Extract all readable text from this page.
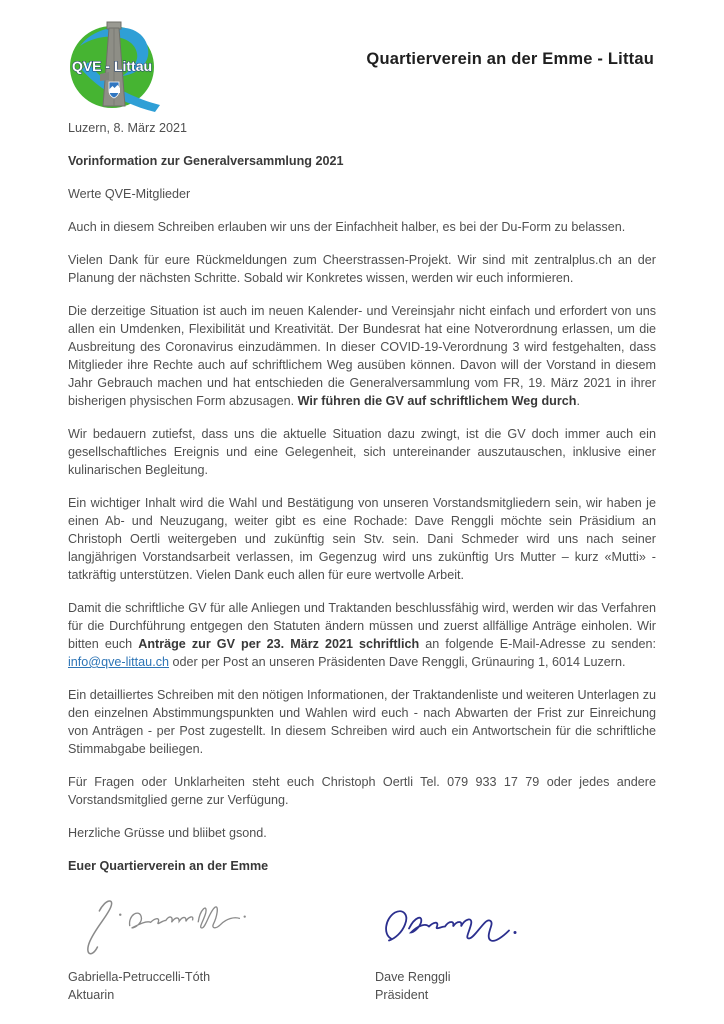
QVE - Littau	Quartierverein an der Emme - Littau

Luzern, 8. März 2021

Vorinformation zur Generalversammlung 2021

Werte QVE-Mitglieder

Auch in diesem Schreiben erlauben wir uns der Einfachheit halber, es bei der Du-Form zu belassen.

Vielen Dank für eure Rückmeldungen zum Cheerstrassen-Projekt. Wir sind mit zentralplus.ch an der Planung der nächsten Schritte. Sobald wir Konkretes wissen, werden wir euch informieren.

Die derzeitige Situation ist auch im neuen Kalender- und Vereinsjahr nicht einfach und erfordert von uns allen ein Umdenken, Flexibilität und Kreativität. Der Bundesrat hat eine Notverordnung erlassen, um die Ausbreitung des Coronavirus einzudämmen. In dieser COVID-19-Verordnung 3 wird festgehalten, dass Mitglieder ihre Rechte auch auf schriftlichem Weg ausüben können. Davon will der Vorstand in diesem Jahr Gebrauch machen und hat entschieden die Generalversammlung vom FR, 19. März 2021 in ihrer bisherigen physischen Form abzusagen. Wir führen die GV auf schriftlichem Weg durch.

Wir bedauern zutiefst, dass uns die aktuelle Situation dazu zwingt, ist die GV doch immer auch ein gesellschaftliches Ereignis und eine Gelegenheit, sich untereinander auszutauschen, inklusive einer kulinarischen Begleitung.

Ein wichtiger Inhalt wird die Wahl und Bestätigung von unseren Vorstandsmitgliedern sein, wir haben je einen Ab- und Neuzugang, weiter gibt es eine Rochade: Dave Renggli möchte sein Präsidium an Christoph Oertli weitergeben und zukünftig sein Stv. sein. Dani Schmeder wird uns nach seiner langjährigen Vorstandsarbeit verlassen, im Gegenzug wird uns zukünftig Urs Mutter – kurz «Mutti» - tatkräftig unterstützen. Vielen Dank euch allen für eure wertvolle Arbeit.

Damit die schriftliche GV für alle Anliegen und Traktanden beschlussfähig wird, werden wir das Verfahren für die Durchführung entgegen den Statuten ändern müssen und zuerst allfällige Anträge einholen. Wir bitten euch Anträge zur GV per 23. März 2021 schriftlich an folgende E-Mail-Adresse zu senden: info@qve-littau.ch oder per Post an unseren Präsidenten Dave Renggli, Grünauring 1, 6014 Luzern.

Ein detailliertes Schreiben mit den nötigen Informationen, der Traktandenliste und weiteren Unterlagen zu den einzelnen Abstimmungspunkten und Wahlen wird euch - nach Abwarten der Frist zur Einreichung von Anträgen - per Post zugestellt. In diesem Schreiben wird auch ein Antwortschein für die schriftliche Stimmabgabe beiliegen.

Für Fragen oder Unklarheiten steht euch Christoph Oertli Tel. 079 933 17 79 oder jedes andere Vorstandsmitglied gerne zur Verfügung.

Herzliche Grüsse und bliibet gsond.

Euer Quartierverein an der Emme

Gabriella-Petruccelli-Tóth
Aktuarin
Dave Renggli
Präsident
